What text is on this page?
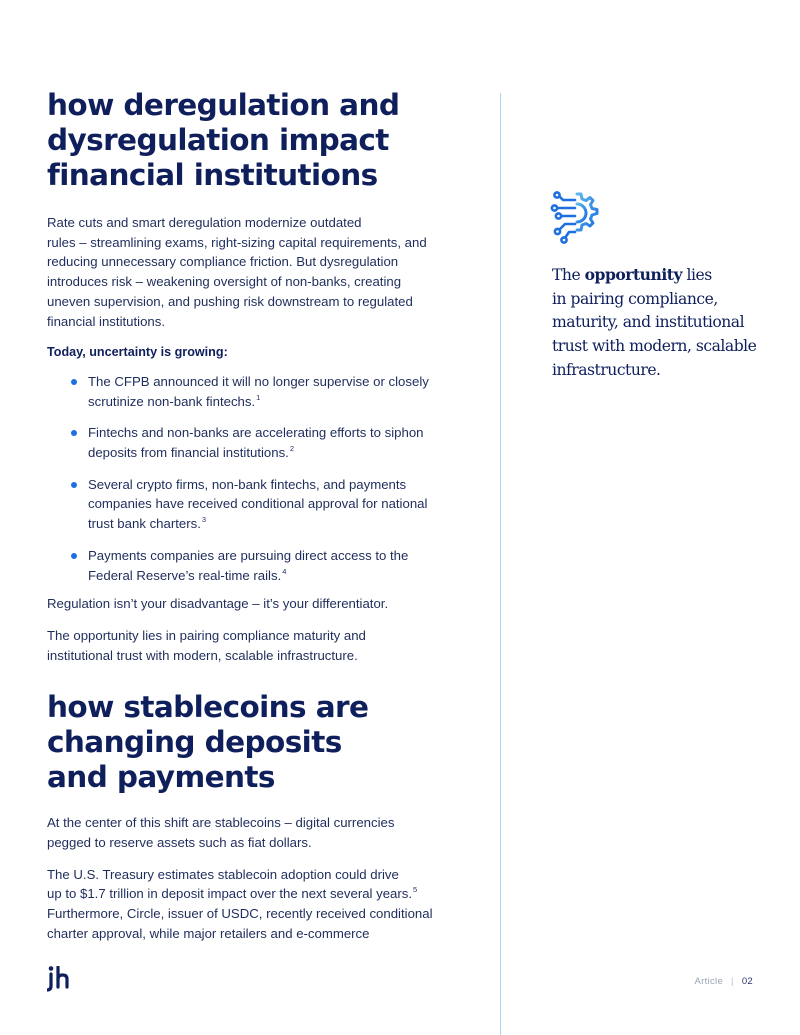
how deregulation and
dysregulation impact
financial institutions

Rate cuts and smart deregulation modernize outdated
rules – streamlining exams, right-sizing capital requirements, and
reducing unnecessary compliance friction. But dysregulation
introduces risk – weakening oversight of non-banks, creating
uneven supervision, and pushing risk downstream to regulated
financial institutions.

Today, uncertainty is growing:

The CFPB announced it will no longer supervise or closely
scrutinize non-bank fintechs.$^1$
Fintechs and non-banks are accelerating efforts to siphon
deposits from financial institutions.$^2$
Several crypto firms, non-bank fintechs, and payments
companies have received conditional approval for national
trust bank charters.$^3$
Payments companies are pursuing direct access to the
Federal Reserve’s real-time rails.$^4$

Regulation isn’t your disadvantage – it’s your differentiator.

The opportunity lies in pairing compliance maturity and
institutional trust with modern, scalable infrastructure.

how stablecoins are
changing deposits
and payments

At the center of this shift are stablecoins – digital currencies
pegged to reserve assets such as fiat dollars.

The U.S. Treasury estimates stablecoin adoption could drive
up to $1.7 trillion in deposit impact over the next several years.$^5$
Furthermore, Circle, issuer of USDC, recently received conditional
charter approval, while major retailers and e-commerce

The opportunity lies
in pairing compliance,
maturity, and institutional
trust with modern, scalable
infrastructure.
Article | 02
